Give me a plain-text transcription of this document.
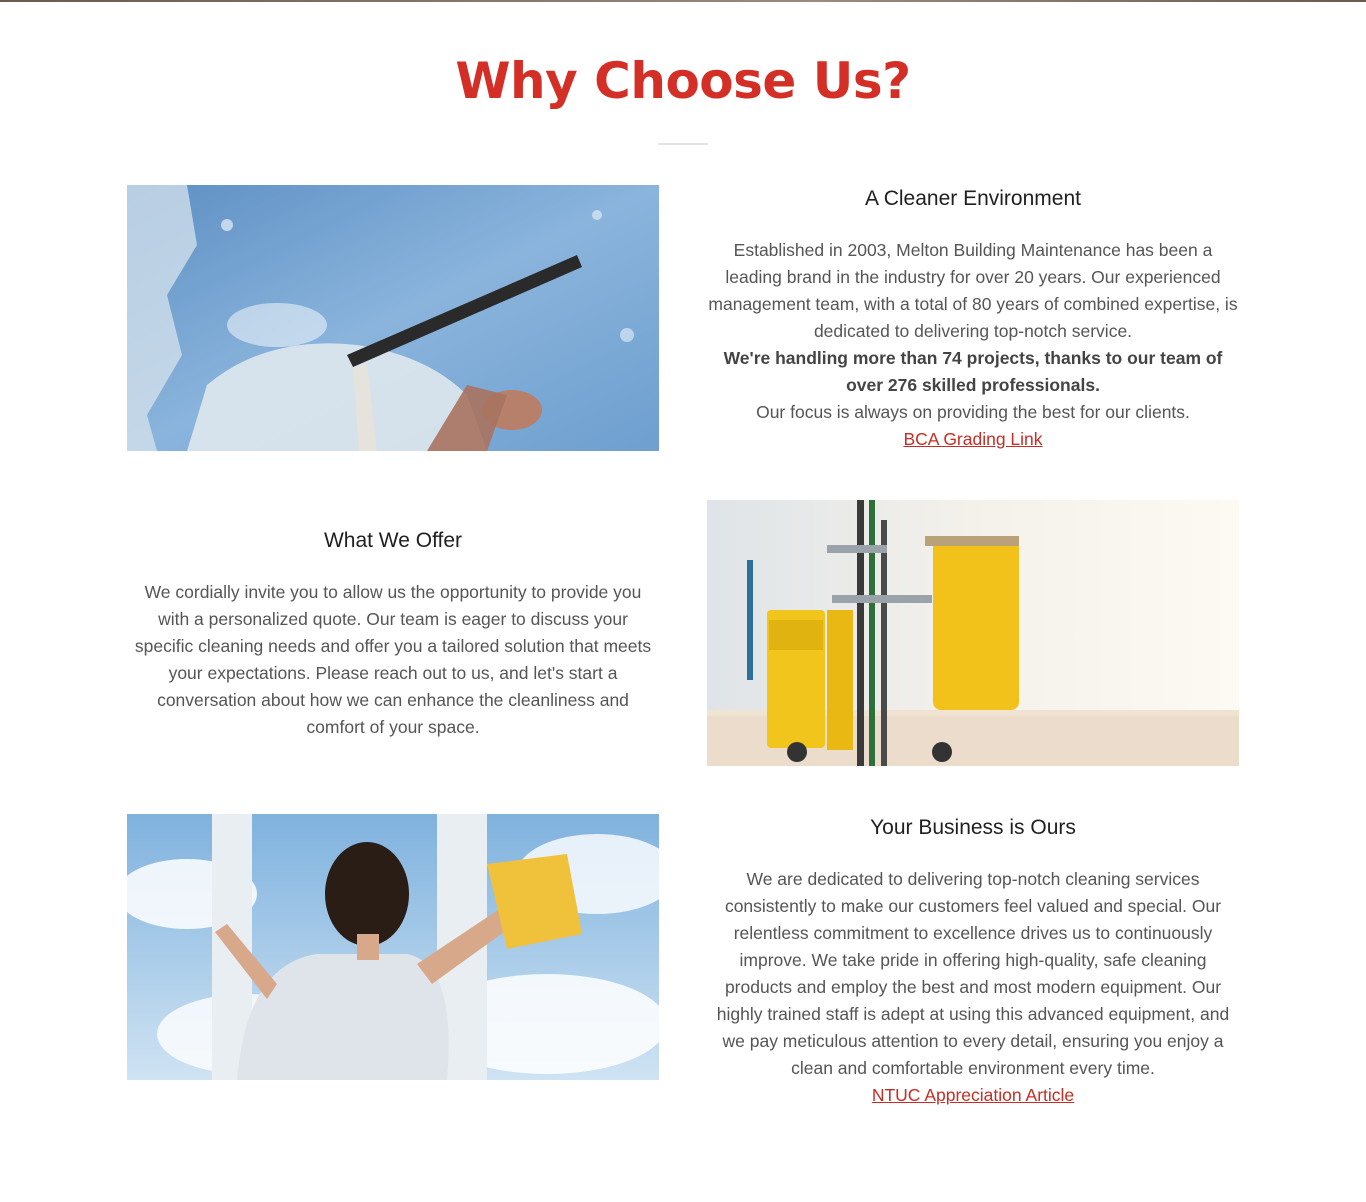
Why Choose Us?
A Cleaner Environment

Established in 2003, Melton Building Maintenance has been a leading brand in the industry for over 20 years. Our experienced management team, with a total of 80 years of combined expertise, is dedicated to delivering top-notch service.
We're handling more than 74 projects, thanks to our team of over 276 skilled professionals.
Our focus is always on providing the best for our clients.
BCA Grading Link

What We Offer

We cordially invite you to allow us the opportunity to provide you with a personalized quote. Our team is eager to discuss your specific cleaning needs and offer you a tailored solution that meets your expectations. Please reach out to us, and let's start a conversation about how we can enhance the cleanliness and comfort of your space.

Your Business is Ours

We are dedicated to delivering top-notch cleaning services consistently to make our customers feel valued and special. Our relentless commitment to excellence drives us to continuously improve. We take pride in offering high-quality, safe cleaning products and employ the best and most modern equipment. Our highly trained staff is adept at using this advanced equipment, and we pay meticulous attention to every detail, ensuring you enjoy a clean and comfortable environment every time.
NTUC Appreciation Article
